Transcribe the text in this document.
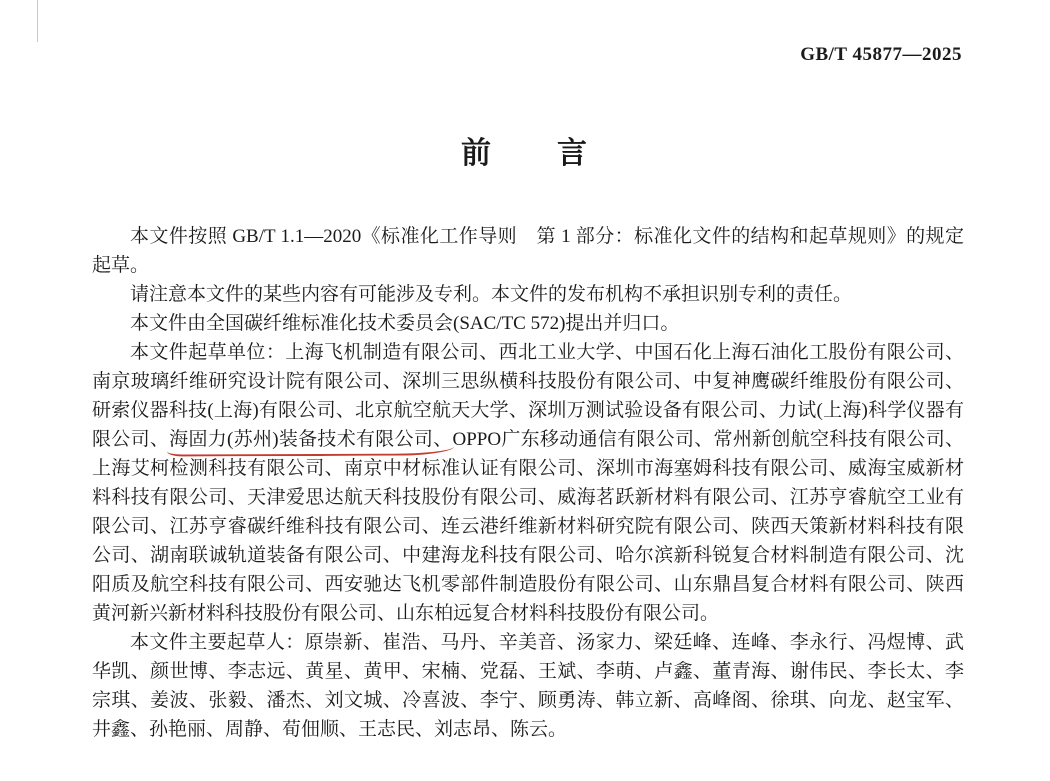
GB/T 45877—2025
前　　言

本文件按照 GB/T 1.1—2020《标准化工作导则　第 1 部分：标准化文件的结构和起草规则》的规定起草。

请注意本文件的某些内容有可能涉及专利。本文件的发布机构不承担识别专利的责任。

本文件由全国碳纤维标准化技术委员会(SAC/TC 572)提出并归口。

本文件起草单位：上海飞机制造有限公司、西北工业大学、中国石化上海石油化工股份有限公司、南京玻璃纤维研究设计院有限公司、深圳三思纵横科技股份有限公司、中复神鹰碳纤维股份有限公司、研索仪器科技(上海)有限公司、北京航空航天大学、深圳万测试验设备有限公司、力试(上海)科学仪器有限公司、海固力(苏州)装备技术有限公司、OPPO广东移动通信有限公司、常州新创航空科技有限公司、上海艾柯检测科技有限公司、南京中材标准认证有限公司、深圳市海塞姆科技有限公司、威海宝威新材料科技有限公司、天津爱思达航天科技股份有限公司、威海茗跃新材料有限公司、江苏亨睿航空工业有限公司、江苏亨睿碳纤维科技有限公司、连云港纤维新材料研究院有限公司、陕西天策新材料科技有限公司、湖南联诚轨道装备有限公司、中建海龙科技有限公司、哈尔滨新科锐复合材料制造有限公司、沈阳质及航空科技有限公司、西安驰达飞机零部件制造股份有限公司、山东鼎昌复合材料有限公司、陕西黄河新兴新材料科技股份有限公司、山东柏远复合材料科技股份有限公司。

本文件主要起草人：原崇新、崔浩、马丹、辛美音、汤家力、梁廷峰、连峰、李永行、冯煜博、武华凯、颜世博、李志远、黄星、黄甲、宋楠、党磊、王斌、李萌、卢鑫、董青海、谢伟民、李长太、李宗琪、姜波、张毅、潘杰、刘文城、冷喜波、李宁、顾勇涛、韩立新、高峰阁、徐琪、向龙、赵宝军、井鑫、孙艳丽、周静、荀佃顺、王志民、刘志昂、陈云。
